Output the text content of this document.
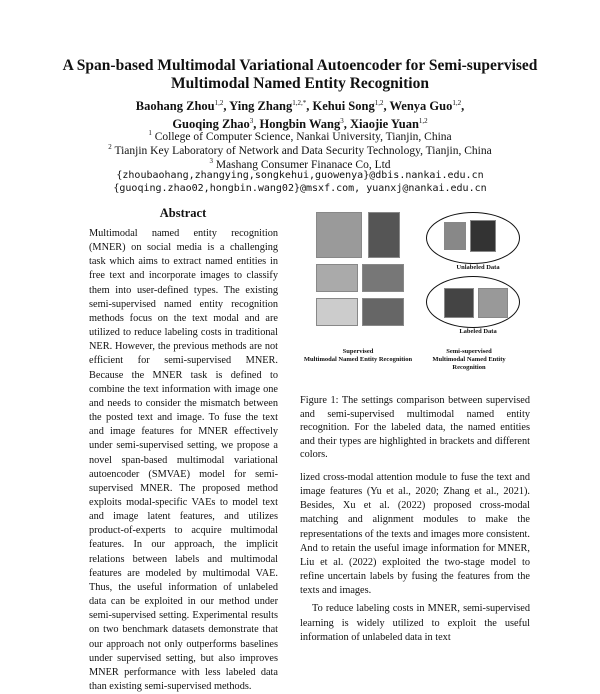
A Span-based Multimodal Variational Autoencoder for Semi-supervised Multimodal Named Entity Recognition
Baohang Zhou$^{1,2}$, Ying Zhang$^{1,2,*}$, Kehui Song$^{1,2}$, Wenya Guo$^{1,2}$,
Guoqing Zhao$^3$, Hongbin Wang$^3$, Xiaojie Yuan$^{1,2}$
$^1$ College of Computer Science, Nankai University, Tianjin, China
$^2$ Tianjin Key Laboratory of Network and Data Security Technology, Tianjin, China
$^3$ Mashang Consumer Finanace Co, Ltd
{zhoubaohang,zhangying,songkehui,guowenya}@dbis.nankai.edu.cn
{guoqing.zhao02,hongbin.wang02}@msxf.com, yuanxj@nankai.edu.cn
Abstract
Multimodal named entity recognition (MNER) on social media is a challenging task which aims to extract named entities in free text and incorporate images to classify them into user-defined types. The existing semi-supervised named entity recognition methods focus on the text modal and are utilized to reduce labeling costs in traditional NER. However, the previous methods are not efficient for semi-supervised MNER. Because the MNER task is defined to combine the text information with image one and needs to consider the mismatch between the posted text and image. To fuse the text and image features for MNER effectively under semi-supervised setting, we propose a novel span-based multimodal variational autoencoder (SMVAE) model for semi-supervised MNER. The proposed method exploits modal-specific VAEs to model text and image latent features, and utilizes product-of-experts to acquire multimodal features. In our approach, the implicit relations between labels and multimodal features are modeled by multimodal VAE. Thus, the useful information of unlabeled data can be exploited in our method under semi-supervised setting. Experimental results on two benchmark datasets demonstrate that our approach not only outperforms baselines under supervised setting, but also improves MNER performance with less labeled data than existing semi-supervised methods.
Supervised
Multimodal Named Entity Recognition
Unlabeled Data
Labeled Data
Semi-supervised
Multimodal Named Entity Recognition
Figure 1: The settings comparison between supervised and semi-supervised multimodal named entity recognition. For the labeled data, the named entities and their types are highlighted in brackets and different colors.

lized cross-modal attention module to fuse the text and image features (Yu et al., 2020; Zhang et al., 2021). Besides, Xu et al. (2022) proposed cross-modal matching and alignment modules to make the representations of the texts and images more consistent. And to retain the useful image information for MNER, Liu et al. (2022) exploited the two-stage model to refine uncertain labels by fusing the features from the texts and images.

To reduce labeling costs in MNER, semi-supervised learning is widely utilized to exploit the useful information of unlabeled data in text
